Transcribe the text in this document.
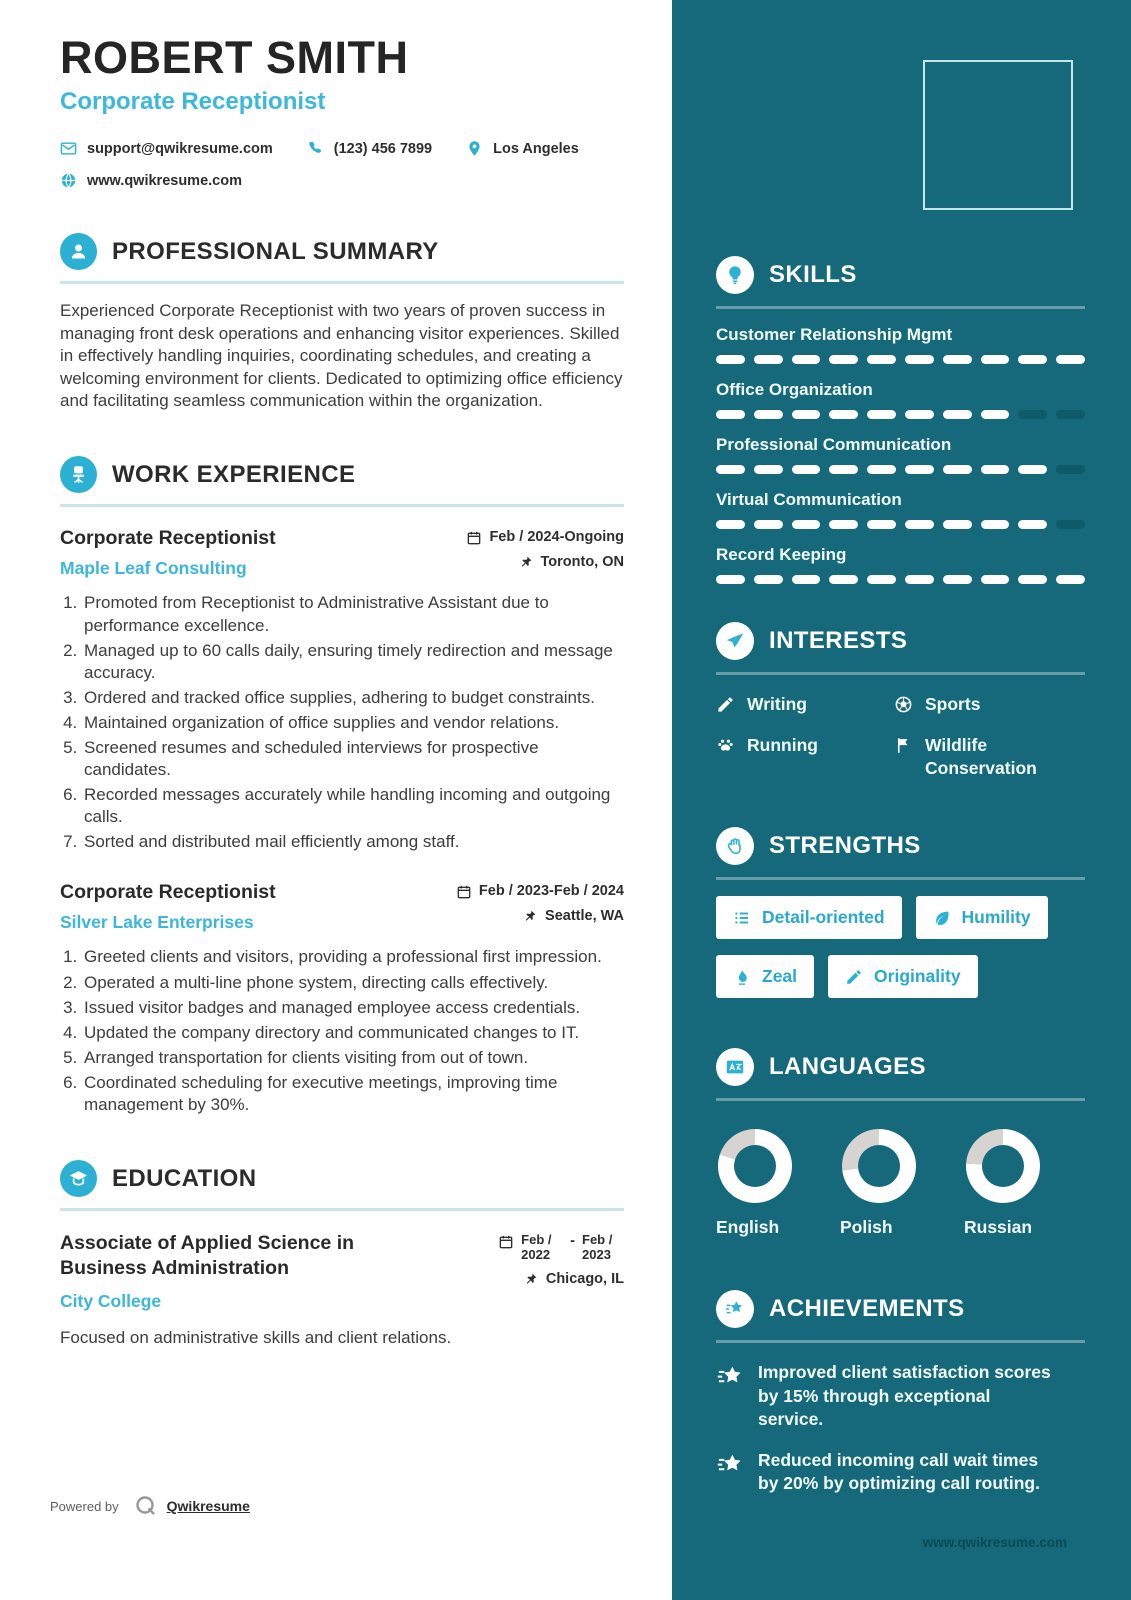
ROBERT SMITH
Corporate Receptionist
support@qwikresume.com	(123) 456 7899	Los Angeles
www.qwikresume.com
PROFESSIONAL SUMMARY
Experienced Corporate Receptionist with two years of proven success in managing front desk operations and enhancing visitor experiences. Skilled in effectively handling inquiries, coordinating schedules, and creating a welcoming environment for clients. Dedicated to optimizing office efficiency and facilitating seamless communication within the organization.
WORK EXPERIENCE
Corporate Receptionist
Maple Leaf Consulting
Feb / 2024-Ongoing
Toronto, ON
1. Promoted from Receptionist to Administrative Assistant due to performance excellence.
2. Managed up to 60 calls daily, ensuring timely redirection and message accuracy.
3. Ordered and tracked office supplies, adhering to budget constraints.
4. Maintained organization of office supplies and vendor relations.
5. Screened resumes and scheduled interviews for prospective candidates.
6. Recorded messages accurately while handling incoming and outgoing calls.
7. Sorted and distributed mail efficiently among staff.
Corporate Receptionist
Silver Lake Enterprises
Feb / 2023-Feb / 2024
Seattle, WA
1. Greeted clients and visitors, providing a professional first impression.
2. Operated a multi-line phone system, directing calls effectively.
3. Issued visitor badges and managed employee access credentials.
4. Updated the company directory and communicated changes to IT.
5. Arranged transportation for clients visiting from out of town.
6. Coordinated scheduling for executive meetings, improving time management by 30%.
EDUCATION
Associate of Applied Science in Business Administration
City College
Feb / 2022
- Feb / 2023
Chicago, IL
Focused on administrative skills and client relations.
Powered by	Qwikresume
SKILLS
Customer Relationship Mgmt
Office Organization
Professional Communication
Virtual Communication
Record Keeping
INTERESTS
Writing	Sports
Running	Wildlife Conservation
STRENGTHS
Detail-oriented	Humility
Zeal	Originality
LANGUAGES
English	Polish	Russian
ACHIEVEMENTS
Improved client satisfaction scores by 15% through exceptional service.
Reduced incoming call wait times by 20% by optimizing call routing.
www.qwikresume.com
